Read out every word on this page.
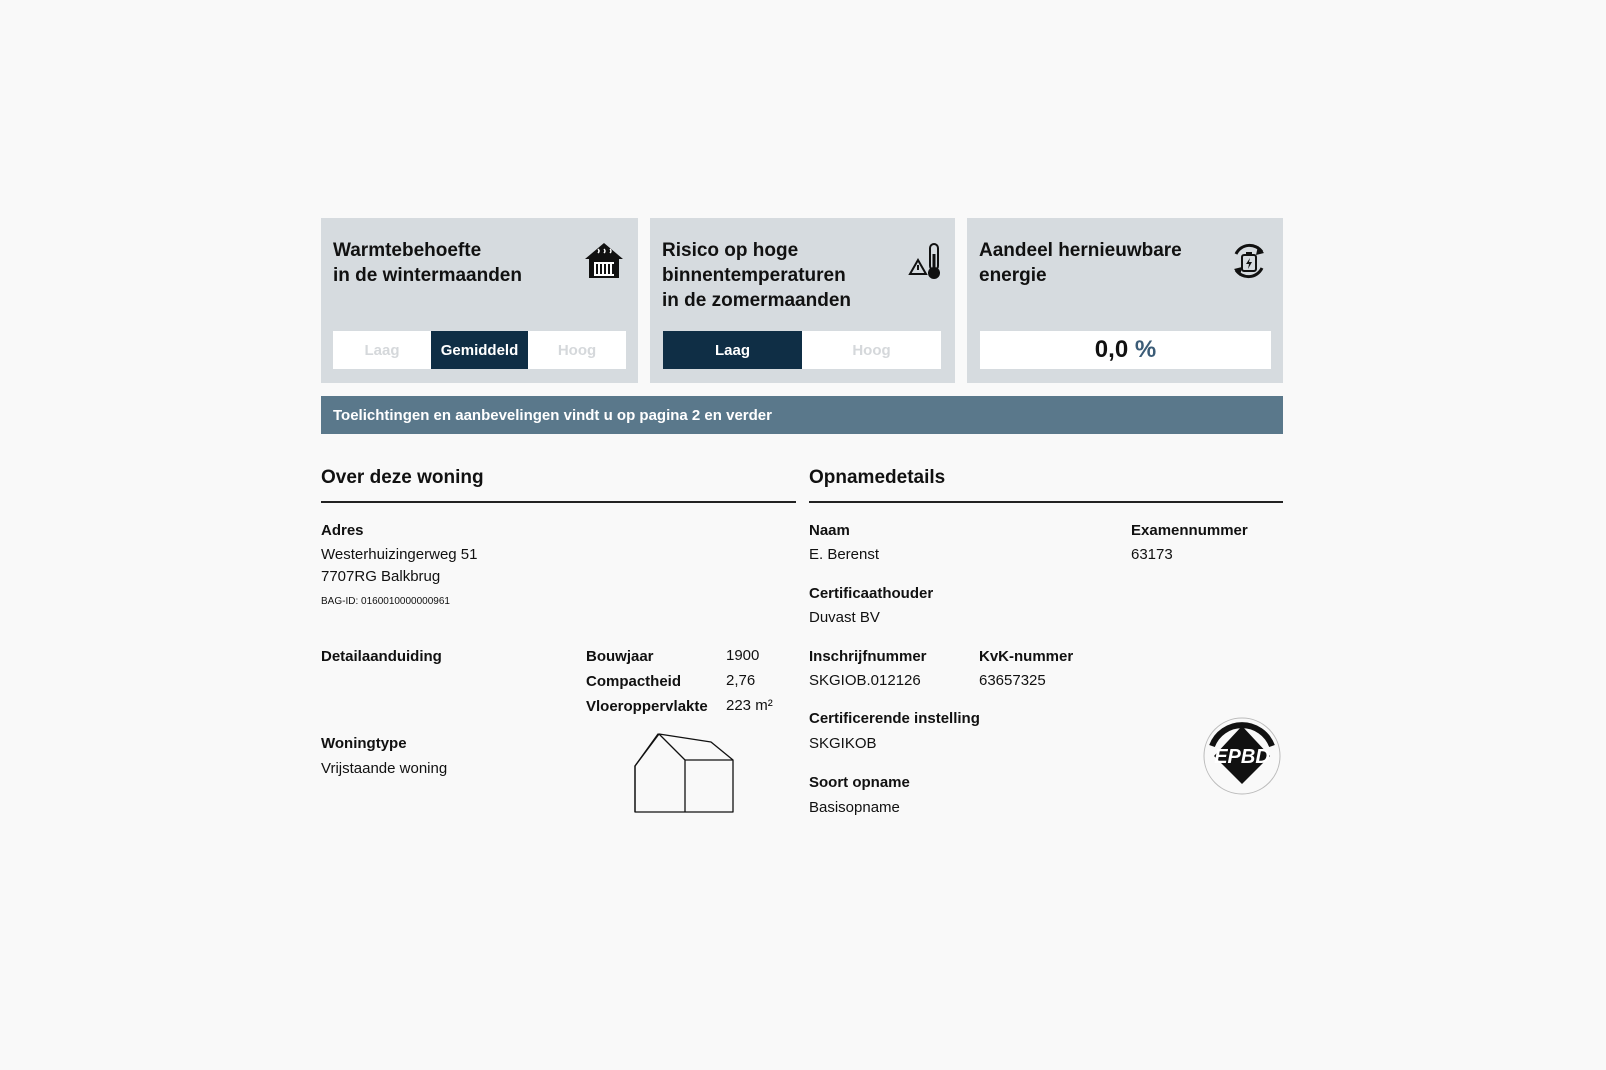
Warmtebehoefte
in de wintermaanden
Laag	Gemiddeld	Hoog
Risico op hoge
binnentemperaturen
in de zomermaanden
Laag	Hoog
Aandeel hernieuwbare
energie
0,0
%
Toelichtingen en aanbevelingen vindt u op pagina 2 en verder
Over deze woning
Adres
Westerhuizingerweg 51
7707RG Balkbrug
BAG-ID: 0160010000000961
Detailaanduiding	Bouwjaar	1900
Compactheid	2,76
Vloeroppervlakte 223 m²
Woningtype
Vrijstaande woning
Opnamedetails
Naam
E. Berenst
Examennummer
63173
Certificaathouder
Duvast BV
Inschrijfnummer
SKGIOB.012126
KvK-nummer
63657325
Certificerende instelling
SKGIKOB
Soort opname
Basisopname
EPBD
